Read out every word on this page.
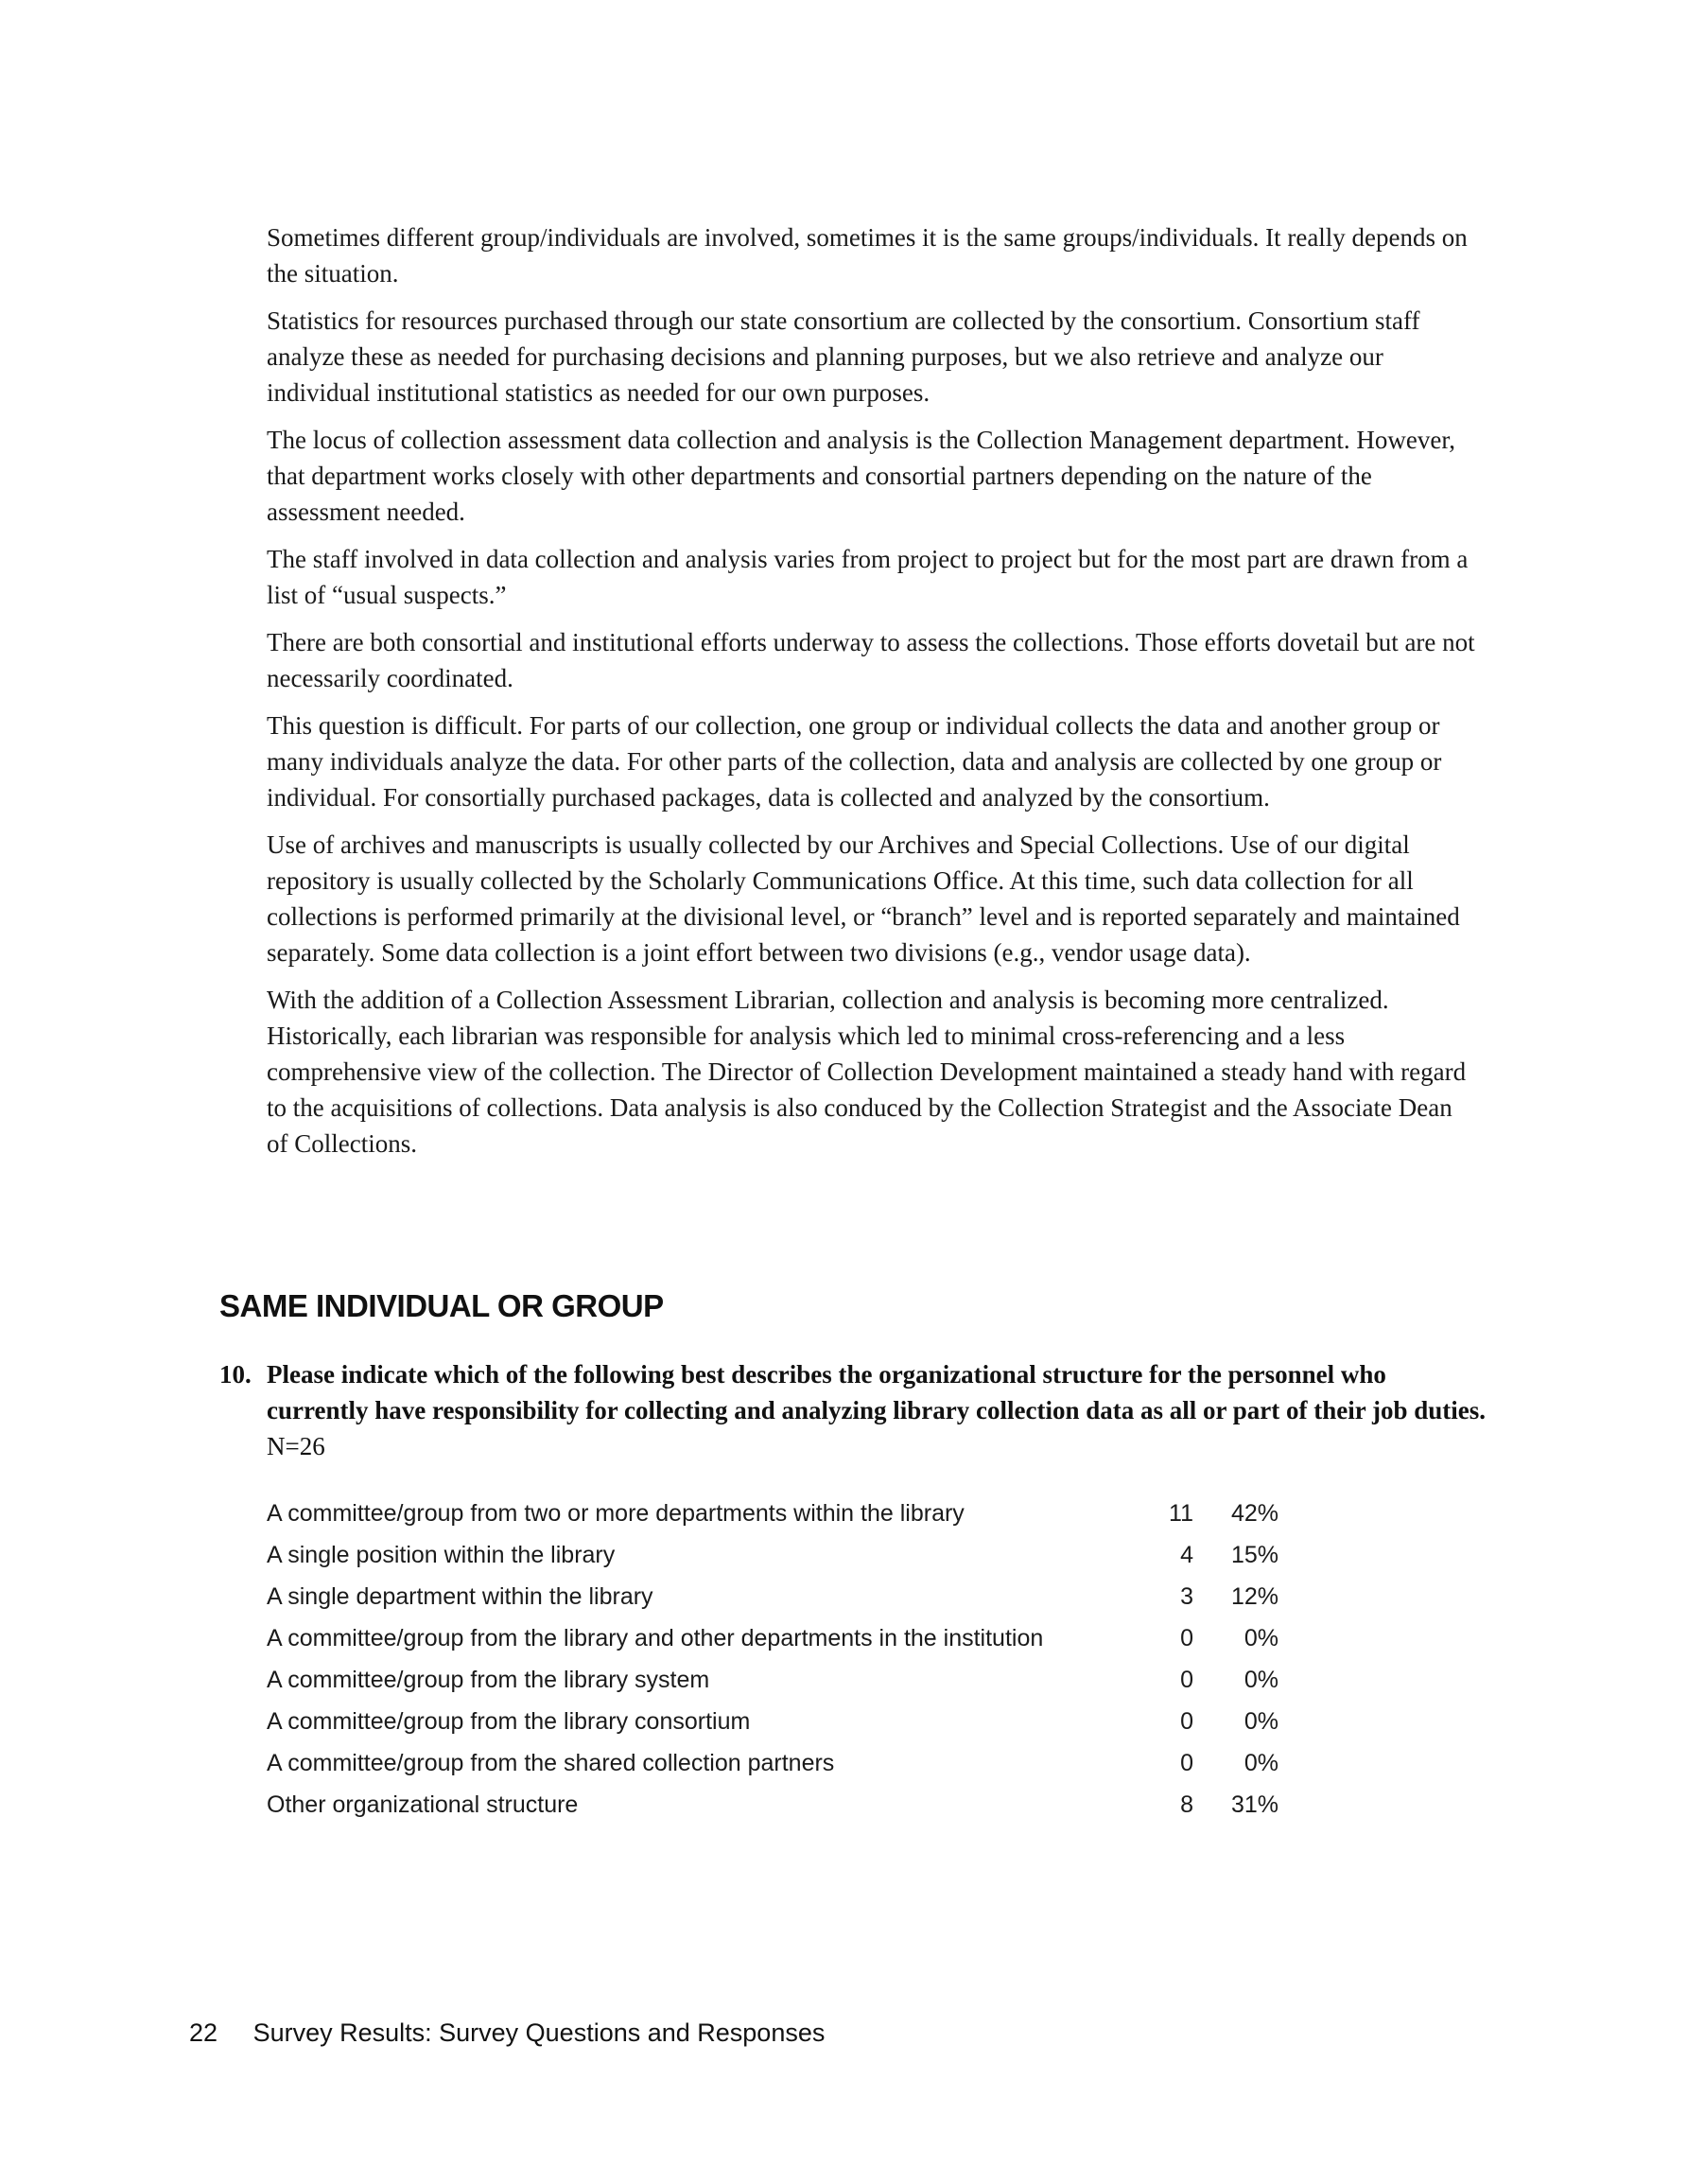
Sometimes different group/individuals are involved, sometimes it is the same groups/individuals. It really depends on the situation.

Statistics for resources purchased through our state consortium are collected by the consortium. Consortium staff analyze these as needed for purchasing decisions and planning purposes, but we also retrieve and analyze our individual institutional statistics as needed for our own purposes.

The locus of collection assessment data collection and analysis is the Collection Management department. However, that department works closely with other departments and consortial partners depending on the nature of the assessment needed.

The staff involved in data collection and analysis varies from project to project but for the most part are drawn from a list of “usual suspects.”

There are both consortial and institutional efforts underway to assess the collections. Those efforts dovetail but are not necessarily coordinated.

This question is difficult. For parts of our collection, one group or individual collects the data and another group or many individuals analyze the data. For other parts of the collection, data and analysis are collected by one group or individual. For consortially purchased packages, data is collected and analyzed by the consortium.

Use of archives and manuscripts is usually collected by our Archives and Special Collections. Use of our digital repository is usually collected by the Scholarly Communications Office. At this time, such data collection for all collections is performed primarily at the divisional level, or “branch” level and is reported separately and maintained separately. Some data collection is a joint effort between two divisions (e.g., vendor usage data).

With the addition of a Collection Assessment Librarian, collection and analysis is becoming more centralized. Historically, each librarian was responsible for analysis which led to minimal cross-referencing and a less comprehensive view of the collection. The Director of Collection Development maintained a steady hand with regard to the acquisitions of collections. Data analysis is also conduced by the Collection Strategist and the Associate Dean of Collections.

SAME INDIVIDUAL OR GROUP
10. Please indicate which of the following best describes the organizational structure for the personnel who currently have responsibility for collecting and analyzing library collection data as all or part of their job duties. N=26
A committee/group from two or more departments within the library	11	42%
A single position within the library	4	15%
A single department within the library	3	12%
A committee/group from the library and other departments in the institution	0	0%
A committee/group from the library system	0	0%
A committee/group from the library consortium	0	0%
A committee/group from the shared collection partners	0	0%
Other organizational structure	8	31%
22 Survey Results: Survey Questions and Responses
